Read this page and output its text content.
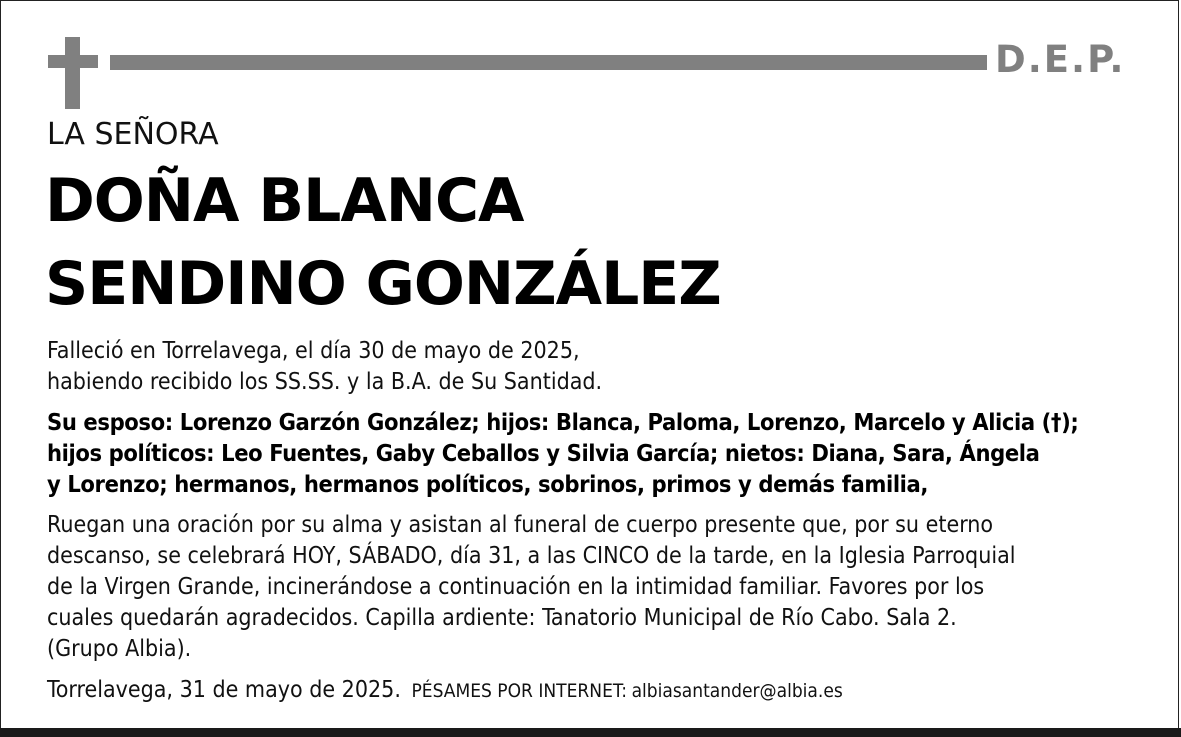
D.E.P.
LA SEÑORA
DOÑA BLANCA
SENDINO GONZÁLEZ
Falleció en Torrelavega, el día 30 de mayo de 2025,
habiendo recibido los SS.SS. y la B.A. de Su Santidad.
Su esposo: Lorenzo Garzón González; hijos: Blanca, Paloma, Lorenzo, Marcelo y Alicia (†);
hijos políticos: Leo Fuentes, Gaby Ceballos y Silvia García; nietos: Diana, Sara, Ángela
y Lorenzo; hermanos, hermanos políticos, sobrinos, primos y demás familia,
Ruegan una oración por su alma y asistan al funeral de cuerpo presente que, por su eterno
descanso, se celebrará HOY, SÁBADO, día 31, a las CINCO de la tarde, en la Iglesia Parroquial
de la Virgen Grande, incinerándose a continuación en la intimidad familiar. Favores por los
cuales quedarán agradecidos. Capilla ardiente: Tanatorio Municipal de Río Cabo. Sala 2.
(Grupo Albia).
Torrelavega, 31 de mayo de 2025. PÉSAMES POR INTERNET: albiasantander@albia.es
